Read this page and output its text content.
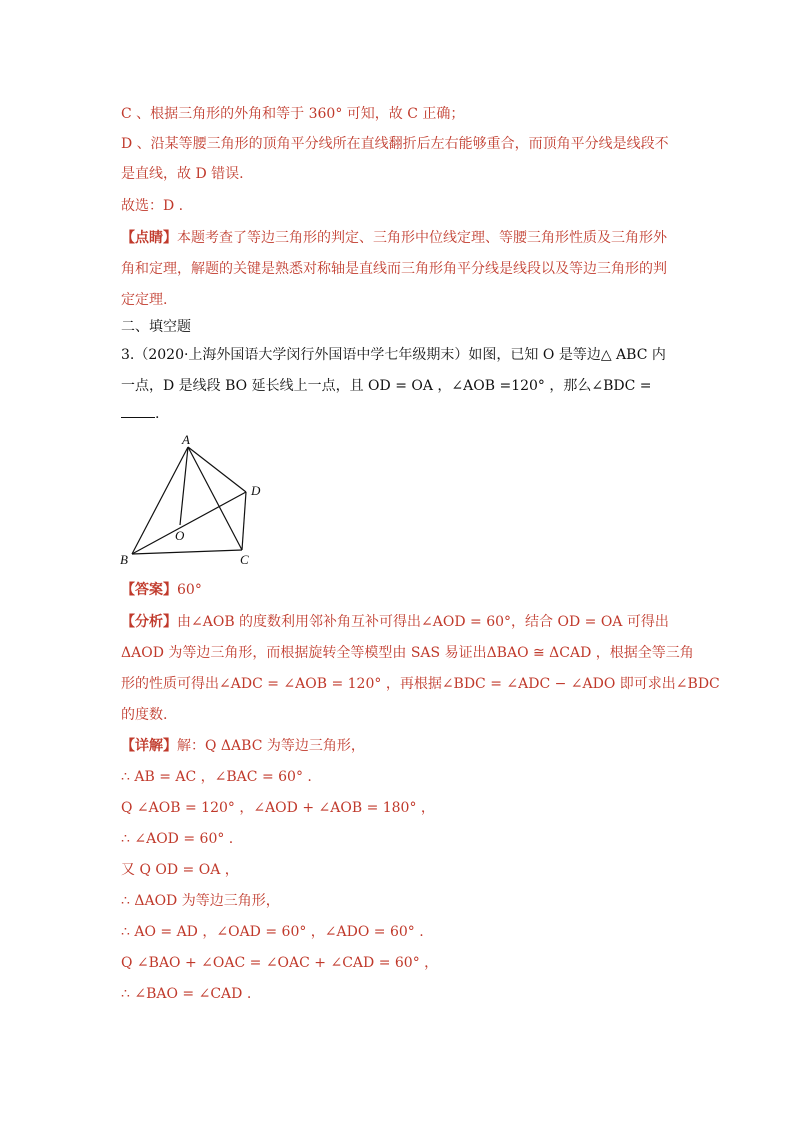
C 、根据三角形的外角和等于 360° 可知，故 C 正确；
D 、沿某等腰三角形的顶角平分线所在直线翻折后左右能够重合，而顶角平分线是线段不
是直线，故 D 错误.
故选：D .
【点睛】本题考查了等边三角形的判定、三角形中位线定理、等腰三角形性质及三角形外
角和定理，解题的关键是熟悉对称轴是直线而三角形角平分线是线段以及等边三角形的判
定定理.
二、填空题
3.（2020·上海外国语大学闵行外国语中学七年级期末）如图，已知 O 是等边△ ABC 内
一点，D 是线段 BO 延长线上一点，且 OD = OA ，∠AOB =120° ，那么∠BDC =
.
A
B	C
D
O
【答案】60°
【分析】由∠AOB 的度数利用邻补角互补可得出∠AOD = 60°，结合 OD = OA 可得出
ΔAOD 为等边三角形，而根据旋转全等模型由 SAS 易证出ΔBAO ≅ ΔCAD ，根据全等三角
形的性质可得出∠ADC = ∠AOB = 120° ，再根据∠BDC = ∠ADC − ∠ADO 即可求出∠BDC
的度数.
【详解】解：Q ΔABC 为等边三角形，
∴ AB = AC ，∠BAC = 60° .
Q ∠AOB = 120° ，∠AOD + ∠AOB = 180° ，
∴ ∠AOD = 60° .
又 Q OD = OA ，
∴ ΔAOD 为等边三角形，
∴ AO = AD ，∠OAD = 60° ，∠ADO = 60° .
Q ∠BAO + ∠OAC = ∠OAC + ∠CAD = 60° ，
∴ ∠BAO = ∠CAD .
